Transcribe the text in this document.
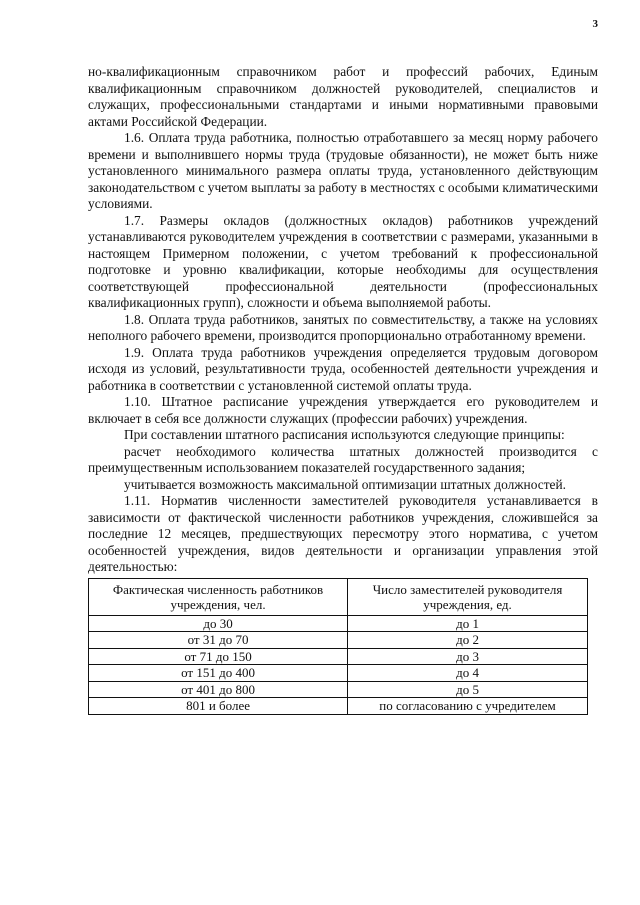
3

но-квалификационным справочником работ и профессий рабочих, Единым квалификационным справочником должностей руководителей, специалистов и служащих, профессиональными стандартами и иными нормативными правовыми актами Российской Федерации.

1.6. Оплата труда работника, полностью отработавшего за месяц норму рабочего времени и выполнившего нормы труда (трудовые обязанности), не может быть ниже установленного минимального размера оплаты труда, установленного действующим законодательством с учетом выплаты за работу в местностях с особыми климатическими условиями.

1.7. Размеры окладов (должностных окладов) работников учреждений устанавливаются руководителем учреждения в соответствии с размерами, указанными в настоящем Примерном положении, с учетом требований к профессиональной подготовке и уровню квалификации, которые необходимы для осуществления соответствующей профессиональной деятельности (профессиональных квалификационных групп), сложности и объема выполняемой работы.

1.8. Оплата труда работников, занятых по совместительству, а также на условиях неполного рабочего времени, производится пропорционально отработанному времени.

1.9. Оплата труда работников учреждения определяется трудовым договором исходя из условий, результативности труда, особенностей деятельности учреждения и работника в соответствии с установленной системой оплаты труда.

1.10. Штатное расписание учреждения утверждается его руководителем и включает в себя все должности служащих (профессии рабочих) учреждения.

При составлении штатного расписания используются следующие принципы:

расчет необходимого количества штатных должностей производится с преимущественным использованием показателей государственного задания;

учитывается возможность максимальной оптимизации штатных должностей.

1.11. Норматив численности заместителей руководителя устанавливается в зависимости от фактической численности работников учреждения, сложившейся за последние 12 месяцев, предшествующих пересмотру этого норматива, с учетом особенностей учреждения, видов деятельности и организации управления этой деятельностью:

Фактическая численность работников учреждения, чел.	Число заместителей руководителя учреждения, ед.
до 30	до 1
от 31 до 70	до 2
от 71 до 150	до 3
от 151 до 400	до 4
от 401 до 800	до 5
801 и более	по согласованию с учредителем
